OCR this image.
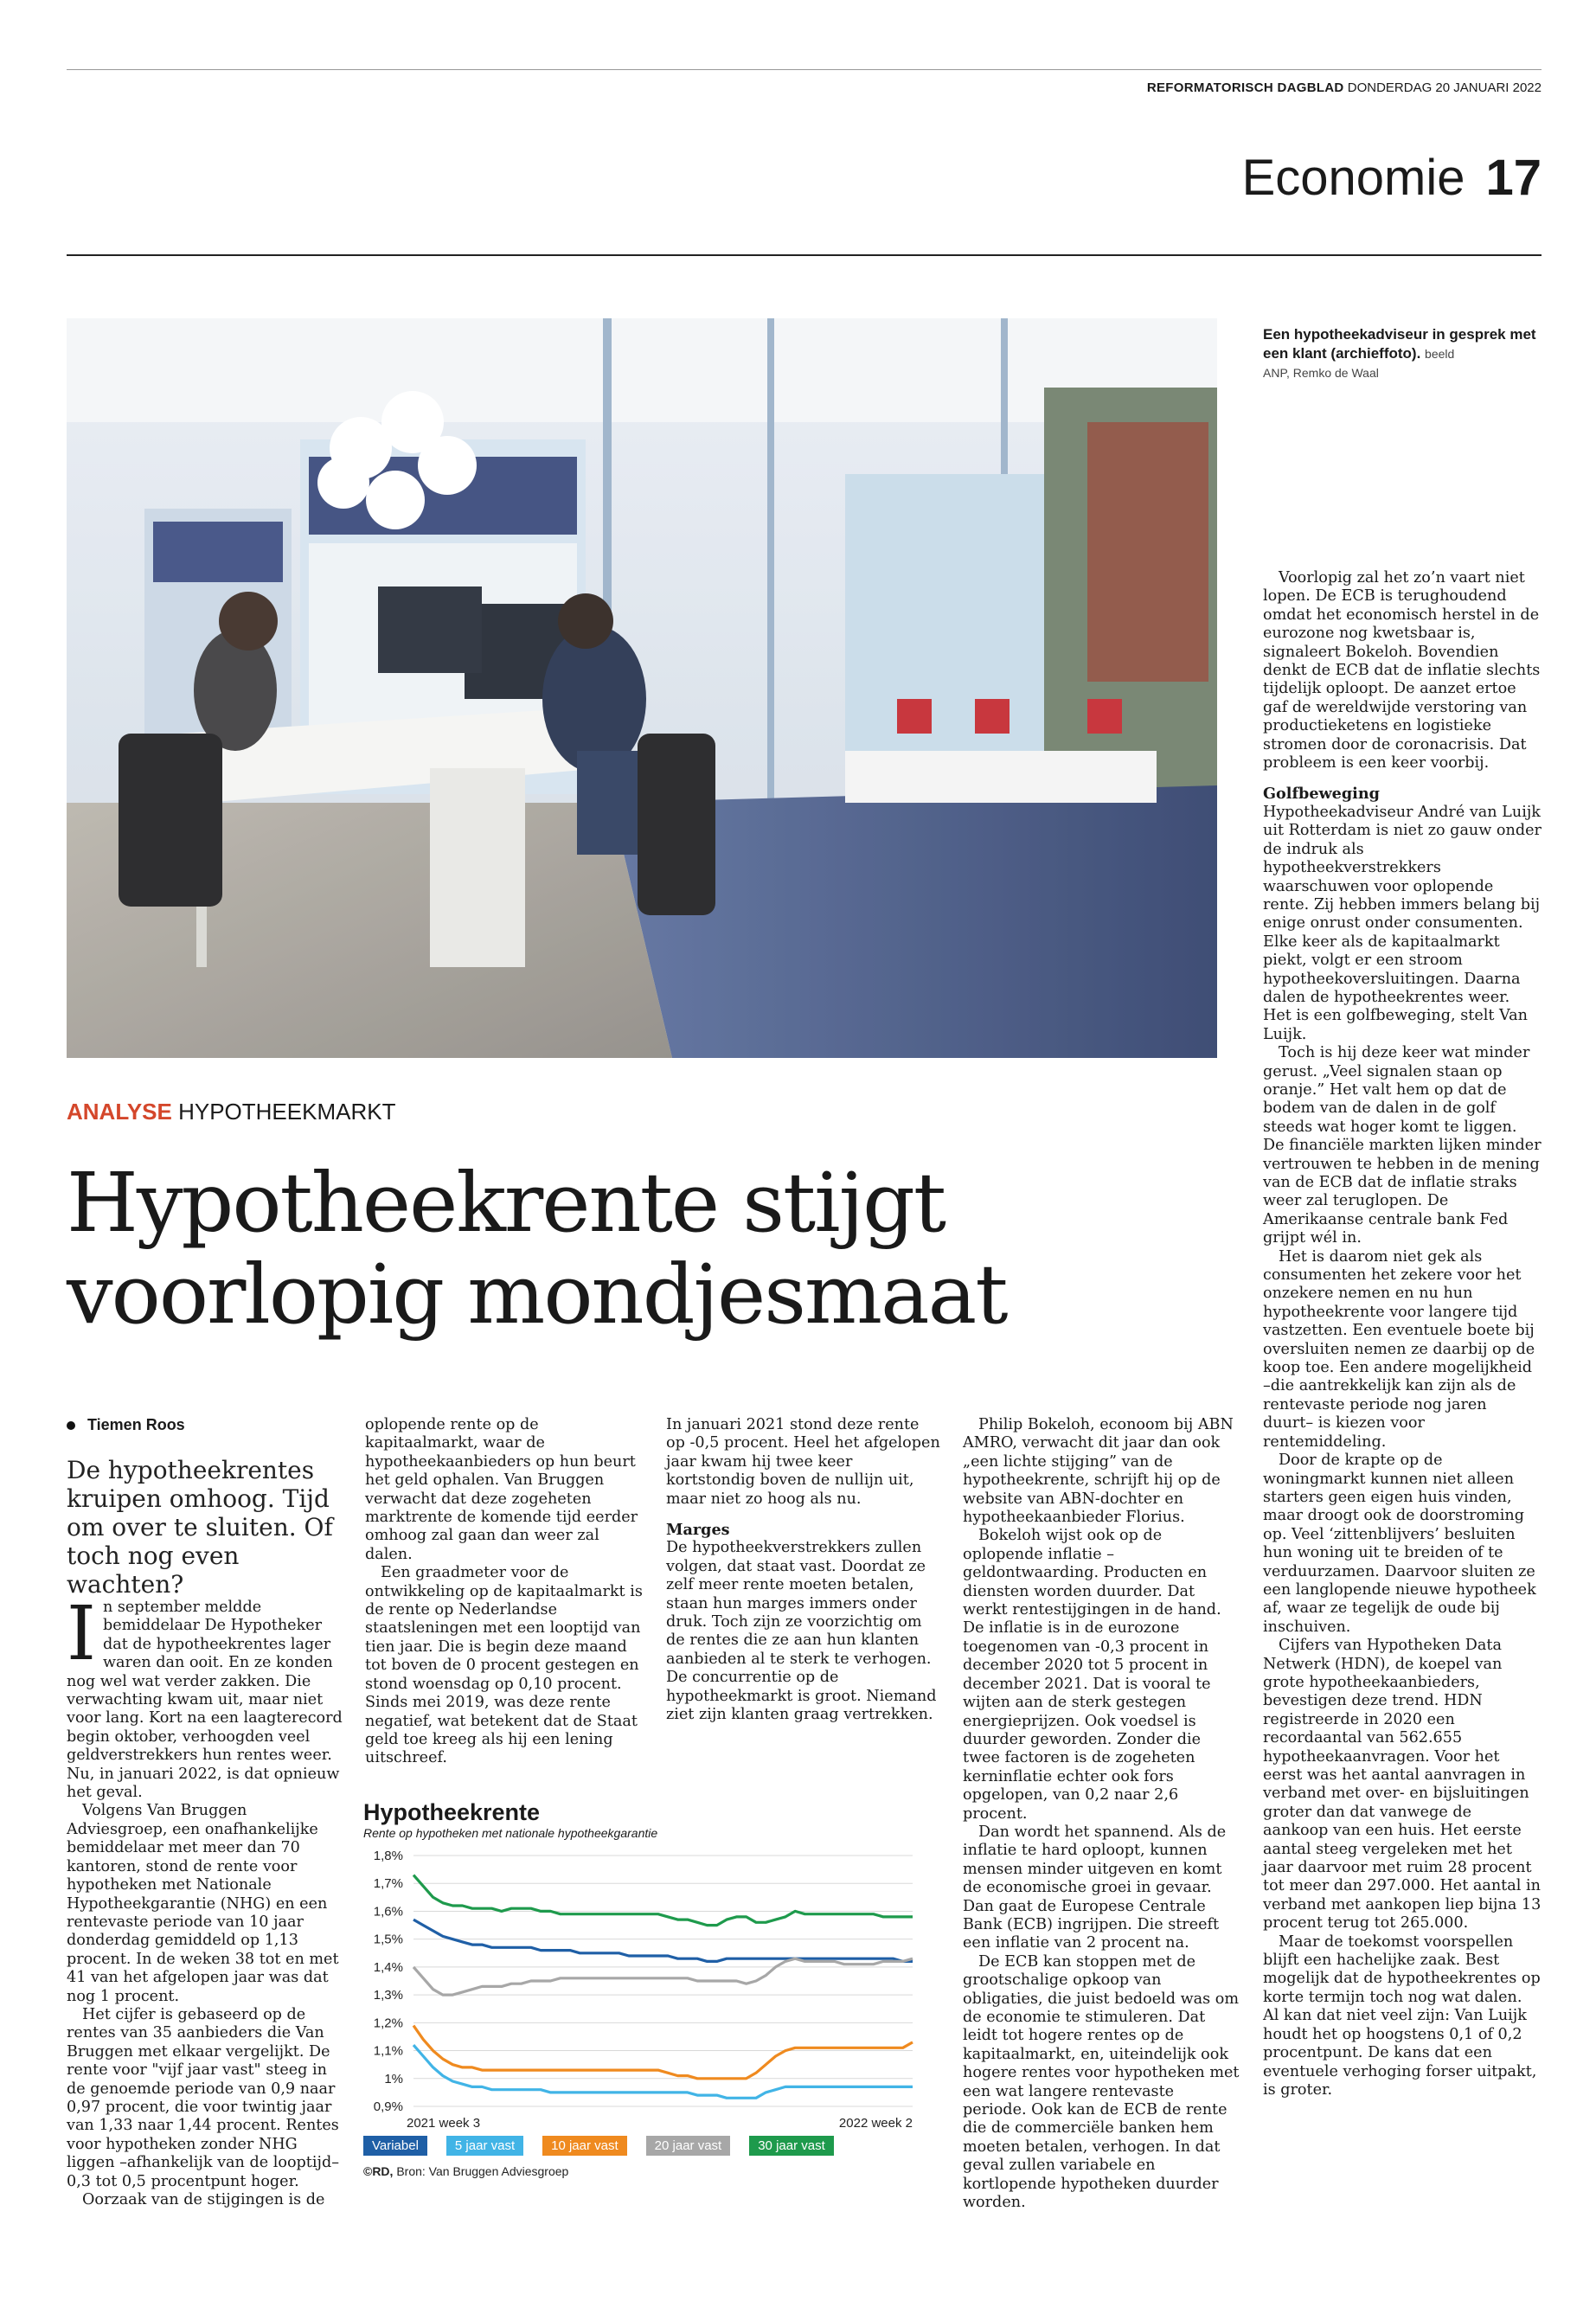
REFORMATORISCH DAGBLAD DONDERDAG 20 JANUARI 2022
Economie 17
Een hypotheekadviseur in gesprek met een klant (archieffoto). beeld
ANP, Remko de Waal
ANALYSE HYPOTHEEKMARKT
Hypotheekrente stijgt
voorlopig mondjesmaat
Tiemen Roos
De hypotheekrentes kruipen omhoog. Tijd om over te sluiten. Of toch nog even wachten?

In september meldde bemiddelaar De Hypotheker dat de hypotheekrentes lager waren dan ooit. En ze konden nog wel wat verder zakken. Die verwachting kwam uit, maar niet voor lang. Kort na een laagterecord begin oktober, verhoogden veel geldverstrekkers hun rentes weer. Nu, in januari 2022, is dat opnieuw het geval.

Volgens Van Bruggen Adviesgroep, een onafhankelijke bemiddelaar met meer dan 70 kantoren, stond de rente voor hypotheken met Nationale Hypotheekgarantie (NHG) en een rentevaste periode van 10 jaar donderdag gemiddeld op 1,13 procent. In de weken 38 tot en met 41 van het afgelopen jaar was dat nog 1 procent.

Het cijfer is gebaseerd op de rentes van 35 aanbieders die Van Bruggen met elkaar vergelijkt. De rente voor "vijf jaar vast" steeg in de genoemde periode van 0,9 naar 0,97 procent, die voor twintig jaar van 1,33 naar 1,44 procent. Rentes voor hypotheken zonder NHG liggen –afhankelijk van de looptijd– 0,3 tot 0,5 procentpunt hoger.

Oorzaak van de stijgingen is de

oplopende rente op de kapitaalmarkt, waar de hypotheekaanbieders op hun beurt het geld ophalen. Van Bruggen verwacht dat deze zogeheten marktrente de komende tijd eerder omhoog zal gaan dan weer zal dalen.

Een graadmeter voor de ontwikkeling op de kapitaalmarkt is de rente op Nederlandse staatsleningen met een looptijd van tien jaar. Die is begin deze maand tot boven de 0 procent gestegen en stond woensdag op 0,10 procent. Sinds mei 2019, was deze rente negatief, wat betekent dat de Staat geld toe kreeg als hij een lening uitschreef.

In januari 2021 stond deze rente op -0,5 procent. Heel het afgelopen jaar kwam hij twee keer kortstondig boven de nullijn uit, maar niet zo hoog als nu.

Marges

De hypotheekverstrekkers zullen volgen, dat staat vast. Doordat ze zelf meer rente moeten betalen, staan hun marges immers onder druk. Toch zijn ze voorzichtig om de rentes die ze aan hun klanten aanbieden al te sterk te verhogen. De concurrentie op de hypotheekmarkt is groot. Niemand ziet zijn klanten graag vertrekken.

Philip Bokeloh, econoom bij ABN AMRO, verwacht dit jaar dan ook „een lichte stijging” van de hypotheekrente, schrijft hij op de website van ABN-dochter en hypotheekaanbieder Florius.

Bokeloh wijst ook op de oplopende inflatie – geldontwaarding. Producten en diensten worden duurder. Dat werkt rentestijgingen in de hand. De inflatie is in de eurozone toegenomen van -0,3 procent in december 2020 tot 5 procent in december 2021. Dat is vooral te wijten aan de sterk gestegen energieprijzen. Ook voedsel is duurder geworden. Zonder die twee factoren is de zogeheten kerninflatie echter ook fors opgelopen, van 0,2 naar 2,6 procent.

Dan wordt het spannend. Als de inflatie te hard oploopt, kunnen mensen minder uitgeven en komt de economische groei in gevaar. Dan gaat de Europese Centrale Bank (ECB) ingrijpen. Die streeft een inflatie van 2 procent na.

De ECB kan stoppen met de grootschalige opkoop van obligaties, die juist bedoeld was om de economie te stimuleren. Dat leidt tot hogere rentes op de kapitaalmarkt, en, uiteindelijk ook hogere rentes voor hypotheken met een wat langere rentevaste periode. Ook kan de ECB de rente die de commerciële banken hem moeten betalen, verhogen. In dat geval zullen variabele en kortlopende hypotheken duurder worden.

Voorlopig zal het zo’n vaart niet lopen. De ECB is terughoudend omdat het economisch herstel in de eurozone nog kwetsbaar is, signaleert Bokeloh. Bovendien denkt de ECB dat de inflatie slechts tijdelijk oploopt. De aanzet ertoe gaf de wereldwijde verstoring van productieketens en logistieke stromen door de coronacrisis. Dat probleem is een keer voorbij.

Golfbeweging

Hypotheekadviseur André van Luijk uit Rotterdam is niet zo gauw onder de indruk als hypotheekverstrekkers waarschuwen voor oplopende rente. Zij hebben immers belang bij enige onrust onder consumenten. Elke keer als de kapitaalmarkt piekt, volgt er een stroom hypotheekoversluitingen. Daarna dalen de hypotheekrentes weer. Het is een golfbeweging, stelt Van Luijk.

Toch is hij deze keer wat minder gerust. „Veel signalen staan op oranje.” Het valt hem op dat de bodem van de dalen in de golf steeds wat hoger komt te liggen. De financiële markten lijken minder vertrouwen te hebben in de mening van de ECB dat de inflatie straks weer zal teruglopen. De Amerikaanse centrale bank Fed grijpt wél in.

Het is daarom niet gek als consumenten het zekere voor het onzekere nemen en nu hun hypotheekrente voor langere tijd vastzetten. Een eventuele boete bij oversluiten nemen ze daarbij op de koop toe. Een andere mogelijkheid –die aantrekkelijk kan zijn als de rentevaste periode nog jaren duurt– is kiezen voor rentemiddeling.

Door de krapte op de woningmarkt kunnen niet alleen starters geen eigen huis vinden, maar droogt ook de doorstroming op. Veel ‘zittenblijvers’ besluiten hun woning uit te breiden of te verduurzamen. Daarvoor sluiten ze een langlopende nieuwe hypotheek af, waar ze tegelijk de oude bij inschuiven.

Cijfers van Hypotheken Data Netwerk (HDN), de koepel van grote hypotheekaanbieders, bevestigen deze trend. HDN registreerde in 2020 een recordaantal van 562.655 hypotheekaanvragen. Voor het eerst was het aantal aanvragen in verband met over- en bijsluitingen groter dan dat vanwege de aankoop van een huis. Het eerste aantal steeg vergeleken met het jaar daarvoor met ruim 28 procent tot meer dan 297.000. Het aantal in verband met aankopen liep bijna 13 procent terug tot 265.000.

Maar de toekomst voorspellen blijft een hachelijke zaak. Best mogelijk dat de hypotheekrentes op korte termijn toch nog wat dalen. Al kan dat niet veel zijn: Van Luijk houdt het op hoogstens 0,1 of 0,2 procentpunt. De kans dat een eventuele verhoging forser uitpakt, is groter.

Hypotheekrente
Rente op hypotheken met nationale hypotheekgarantie
1,8%
1,7%
1,6%
1,5%
1,4%
1,3%
1,2%
1,1%
1%
0,9%
2021 week 3	2022 week 2
Variabel	5 jaar vast	10 jaar vast	20 jaar vast	30 jaar vast
©RD, Bron: Van Bruggen Adviesgroep
